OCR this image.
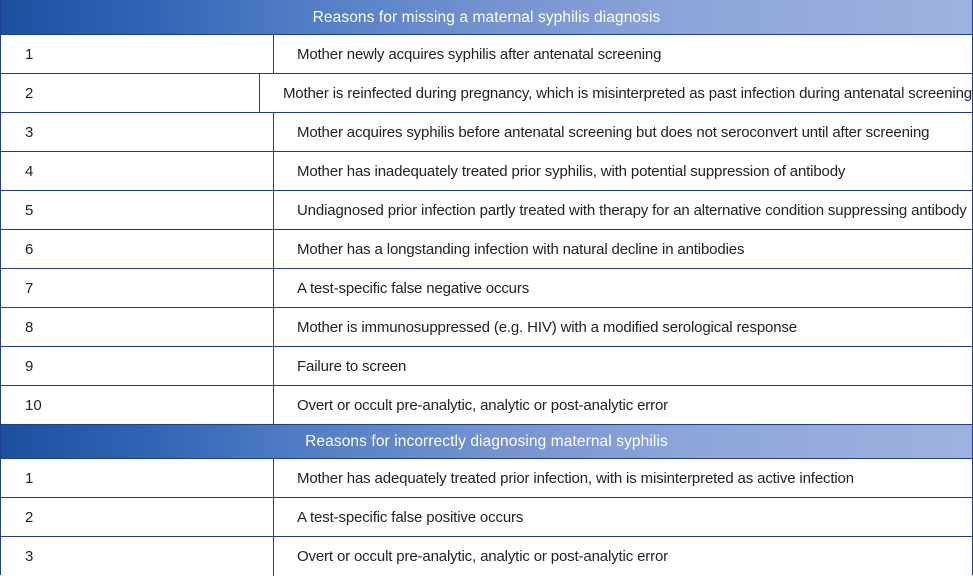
Reasons for missing a maternal syphilis diagnosis
1	Mother newly acquires syphilis after antenatal screening
2	Mother is reinfected during pregnancy, which is misinterpreted as past infection during antenatal screening
3	Mother acquires syphilis before antenatal screening but does not seroconvert until after screening
4	Mother has inadequately treated prior syphilis, with potential suppression of antibody
5	Undiagnosed prior infection partly treated with therapy for an alternative condition suppressing antibody
6	Mother has a longstanding infection with natural decline in antibodies
7	A test-specific false negative occurs
8	Mother is immunosuppressed (e.g. HIV) with a modified serological response
9	Failure to screen
10	Overt or occult pre-analytic, analytic or post-analytic error
Reasons for incorrectly diagnosing maternal syphilis
1	Mother has adequately treated prior infection, with is misinterpreted as active infection
2	A test-specific false positive occurs
3	Overt or occult pre-analytic, analytic or post-analytic error
